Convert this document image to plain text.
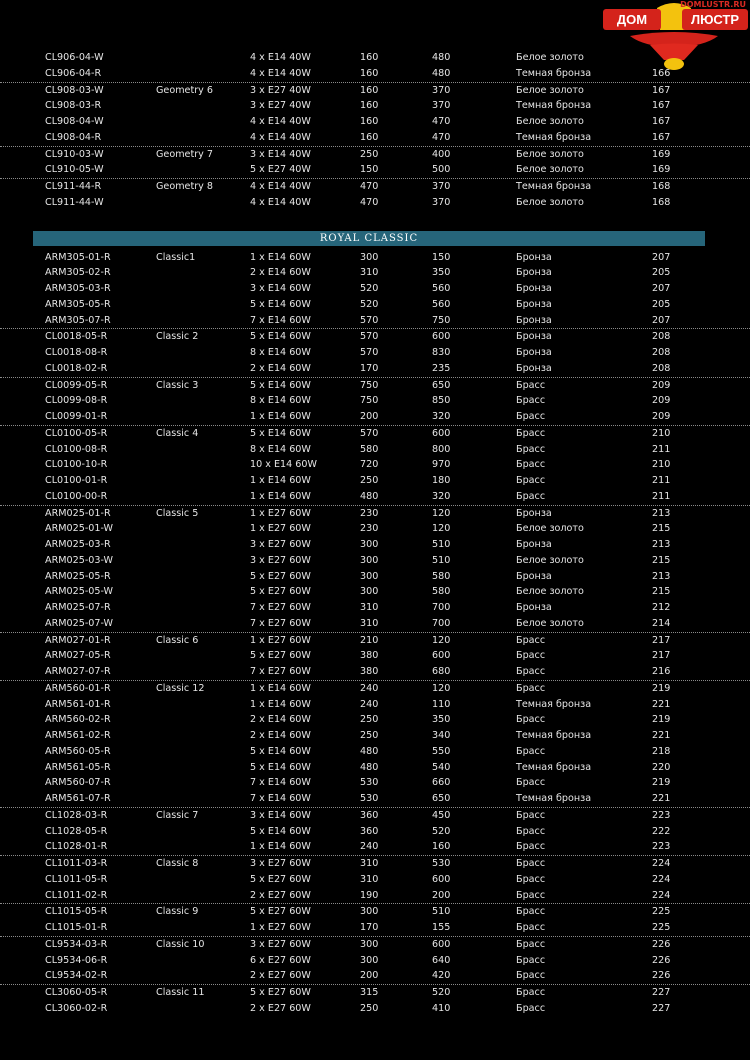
DOMLUSTR.RU
ДОМ	ЛЮСТР
CL906-04-W	4 x E14 40W	160	480	Белое золото
CL906-04-R	4 x E14 40W	160	480	Темная бронза	166
CL908-03-W	Geometry 6	3 x E27 40W	160	370	Белое золото	167
CL908-03-R	3 x E27 40W	160	370	Темная бронза	167
CL908-04-W	4 x E14 40W	160	470	Белое золото	167
CL908-04-R	4 x E14 40W	160	470	Темная бронза	167
CL910-03-W	Geometry 7	3 x E14 40W	250	400	Белое золото	169
CL910-05-W	5 x E27 40W	150	500	Белое золото	169
CL911-44-R	Geometry 8	4 x E14 40W	470	370	Темная бронза	168
CL911-44-W	4 x E14 40W	470	370	Белое золото	168
ROYAL CLASSIC
ARM305-01-R	Classic1	1 x E14 60W	300	150	Бронза	207
ARM305-02-R	2 x E14 60W	310	350	Бронза	205
ARM305-03-R	3 x E14 60W	520	560	Бронза	207
ARM305-05-R	5 x E14 60W	520	560	Бронза	205
ARM305-07-R	7 x E14 60W	570	750	Бронза	207
CL0018-05-R	Classic 2	5 x E14 60W	570	600	Бронза	208
CL0018-08-R	8 x E14 60W	570	830	Бронза	208
CL0018-02-R	2 x E14 60W	170	235	Бронза	208
CL0099-05-R	Classic 3	5 x E14 60W	750	650	Брасс	209
CL0099-08-R	8 x E14 60W	750	850	Брасс	209
CL0099-01-R	1 x E14 60W	200	320	Брасс	209
CL0100-05-R	Classic 4	5 x E14 60W	570	600	Брасс	210
CL0100-08-R	8 x E14 60W	580	800	Брасс	211
CL0100-10-R	10 x E14 60W	720	970	Брасс	210
CL0100-01-R	1 x E14 60W	250	180	Брасс	211
CL0100-00-R	1 x E14 60W	480	320	Брасс	211
ARM025-01-R	Classic 5	1 x E27 60W	230	120	Бронза	213
ARM025-01-W	1 x E27 60W	230	120	Белое золото	215
ARM025-03-R	3 x E27 60W	300	510	Бронза	213
ARM025-03-W	3 x E27 60W	300	510	Белое золото	215
ARM025-05-R	5 x E27 60W	300	580	Бронза	213
ARM025-05-W	5 x E27 60W	300	580	Белое золото	215
ARM025-07-R	7 x E27 60W	310	700	Бронза	212
ARM025-07-W	7 x E27 60W	310	700	Белое золото	214
ARM027-01-R	Classic 6	1 x E27 60W	210	120	Брасс	217
ARM027-05-R	5 x E27 60W	380	600	Брасс	217
ARM027-07-R	7 x E27 60W	380	680	Брасс	216
ARM560-01-R	Classic 12	1 x E14 60W	240	120	Брасс	219
ARM561-01-R	1 x E14 60W	240	110	Темная бронза	221
ARM560-02-R	2 x E14 60W	250	350	Брасс	219
ARM561-02-R	2 x E14 60W	250	340	Темная бронза	221
ARM560-05-R	5 x E14 60W	480	550	Брасс	218
ARM561-05-R	5 x E14 60W	480	540	Темная бронза	220
ARM560-07-R	7 x E14 60W	530	660	Брасс	219
ARM561-07-R	7 x E14 60W	530	650	Темная бронза	221
CL1028-03-R	Classic 7	3 x E14 60W	360	450	Брасс	223
CL1028-05-R	5 x E14 60W	360	520	Брасс	222
CL1028-01-R	1 x E14 60W	240	160	Брасс	223
CL1011-03-R	Classic 8	3 x E27 60W	310	530	Брасс	224
CL1011-05-R	5 x E27 60W	310	600	Брасс	224
CL1011-02-R	2 x E27 60W	190	200	Брасс	224
CL1015-05-R	Classic 9	5 x E27 60W	300	510	Брасс	225
CL1015-01-R	1 x E27 60W	170	155	Брасс	225
CL9534-03-R	Classic 10	3 x E27 60W	300	600	Брасс	226
CL9534-06-R	6 x E27 60W	300	640	Брасс	226
CL9534-02-R	2 x E27 60W	200	420	Брасс	226
CL3060-05-R	Classic 11	5 x E27 60W	315	520	Брасс	227
CL3060-02-R	2 x E27 60W	250	410	Брасс	227
